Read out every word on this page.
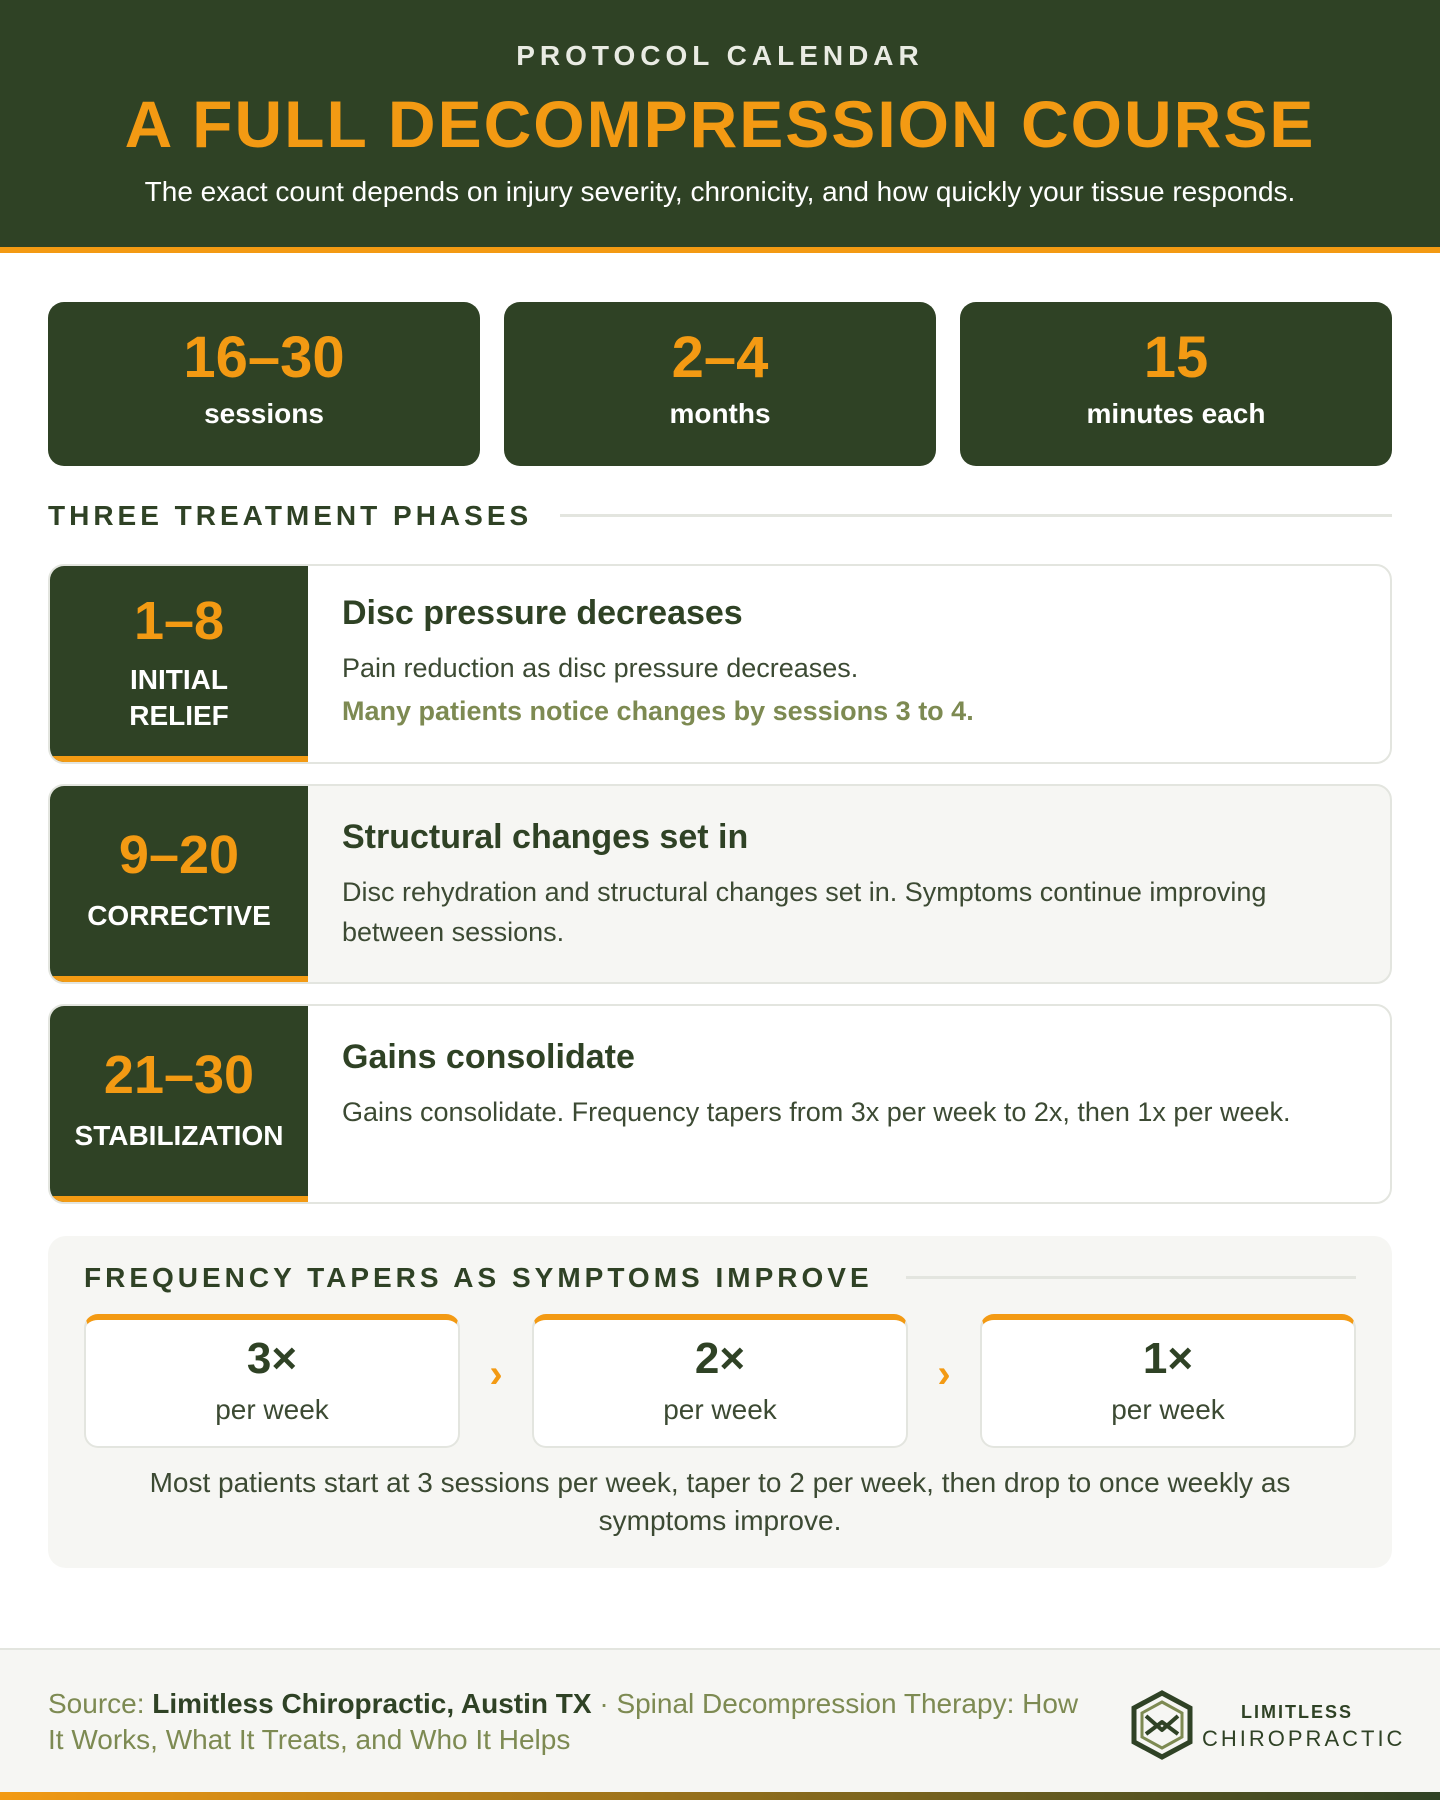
PROTOCOL CALENDAR
A FULL DECOMPRESSION COURSE
The exact count depends on injury severity, chronicity, and how quickly your tissue responds.
16–30
sessions
2–4
months
15
minutes each
THREE TREATMENT PHASES
1–8
INITIAL
RELIEF
Disc pressure decreases
Pain reduction as disc pressure decreases.
Many patients notice changes by sessions 3 to 4.
9–20
CORRECTIVE
Structural changes set in
Disc rehydration and structural changes set in. Symptoms continue improving between sessions.
21–30
STABILIZATION
Gains consolidate
Gains consolidate. Frequency tapers from 3x per week to 2x, then 1x per week.
FREQUENCY TAPERS AS SYMPTOMS IMPROVE
3×
per week
›	2×
per week
›	1×
per week
Most patients start at 3 sessions per week, taper to 2 per week, then drop to once weekly as symptoms improve.
Source: Limitless Chiropractic, Austin TX · Spinal Decompression Therapy: How It Works, What It Treats, and Who It Helps
LIMITLESS
CHIROPRACTIC
